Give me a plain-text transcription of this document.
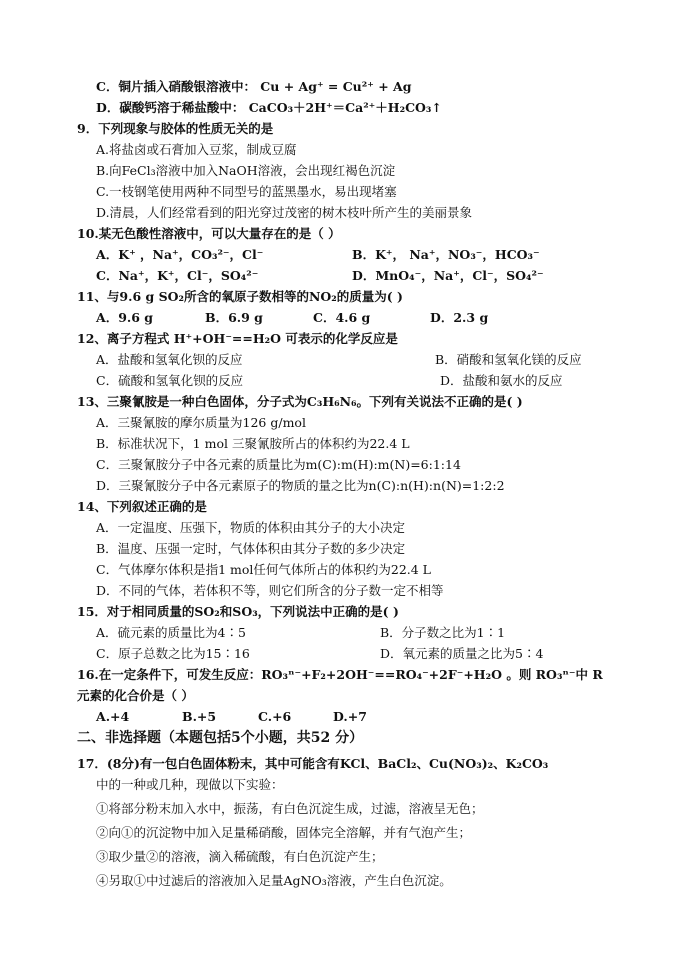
C．铜片插入硝酸银溶液中： Cu + Ag⁺ = Cu²⁺ + Ag
D．碳酸钙溶于稀盐酸中： CaCO₃＋2H⁺＝Ca²⁺＋H₂CO₃↑
9．下列现象与胶体的性质无关的是
A.将盐卤或石膏加入豆浆，制成豆腐
B.向FeCl₃溶液中加入NaOH溶液，会出现红褐色沉淀
C.一枝钢笔使用两种不同型号的蓝黑墨水，易出现堵塞
D.清晨，人们经常看到的阳光穿过茂密的树木枝叶所产生的美丽景象
10.某无色酸性溶液中，可以大量存在的是（ ）
A．K⁺ ，Na⁺，CO₃²⁻，Cl⁻	B．K⁺， Na⁺，NO₃⁻，HCO₃⁻
C．Na⁺，K⁺，Cl⁻，SO₄²⁻	D．MnO₄⁻，Na⁺，Cl⁻，SO₄²⁻
11、与9.6 g SO₂所含的氧原子数相等的NO₂的质量为( )
A．9.6 g	B．6.9 g	C．4.6 g	D．2.3 g
12、离子方程式 H⁺+OH⁻==H₂O 可表示的化学反应是
A．盐酸和氢氧化钡的反应	B．硝酸和氢氧化镁的反应
C．硫酸和氢氧化钡的反应	D．盐酸和氨水的反应
13、三聚氰胺是一种白色固体，分子式为C₃H₆N₆。下列有关说法不正确的是( )
A．三聚氰胺的摩尔质量为126 g/mol
B．标准状况下，1 mol 三聚氰胺所占的体积约为22.4 L
C．三聚氰胺分子中各元素的质量比为m(C):m(H):m(N)=6:1:14
D．三聚氰胺分子中各元素原子的物质的量之比为n(C):n(H):n(N)=1:2:2
14、下列叙述正确的是
A．一定温度、压强下，物质的体积由其分子的大小决定
B．温度、压强一定时，气体体积由其分子数的多少决定
C．气体摩尔体积是指1 mol任何气体所占的体积约为22.4 L
D．不同的气体，若体积不等，则它们所含的分子数一定不相等
15．对于相同质量的SO₂和SO₃，下列说法中正确的是( )
A．硫元素的质量比为4∶5	B．分子数之比为1∶1
C．原子总数之比为15∶16	D．氧元素的质量之比为5∶4
16.在一定条件下，可发生反应：RO₃ⁿ⁻+F₂+2OH⁻==RO₄⁻+2F⁻+H₂O 。则 RO₃ⁿ⁻中 R
元素的化合价是（ ）
A.+4	B.+5	C.+6	D.+7
二、非选择题（本题包括5个小题，共52 分）
17．(8分)有一包白色固体粉末，其中可能含有KCl、BaCl₂、Cu(NO₃)₂、K₂CO₃
中的一种或几种，现做以下实验：
①将部分粉末加入水中，振荡，有白色沉淀生成，过滤，溶液呈无色；
②向①的沉淀物中加入足量稀硝酸，固体完全溶解，并有气泡产生；
③取少量②的溶液，滴入稀硫酸，有白色沉淀产生；
④另取①中过滤后的溶液加入足量AgNO₃溶液，产生白色沉淀。
